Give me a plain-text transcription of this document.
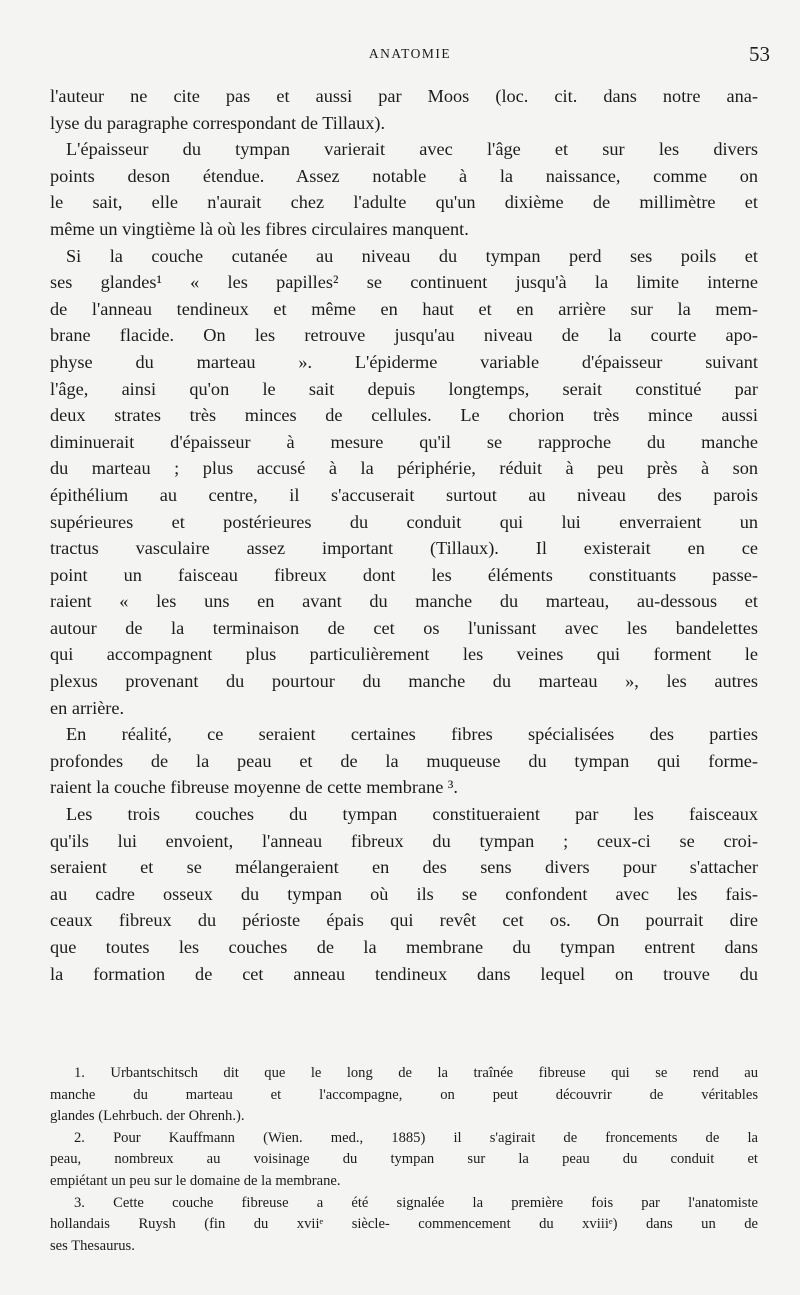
ANATOMIE	53
l'auteur ne cite pas et aussi par Moos (loc. cit. dans notre ana-
lyse du paragraphe correspondant de Tillaux).
L'épaisseur du tympan varierait avec l'âge et sur les divers
points deson étendue. Assez notable à la naissance, comme on
le sait, elle n'aurait chez l'adulte qu'un dixième de millimètre et
même un vingtième là où les fibres circulaires manquent.
Si la couche cutanée au niveau du tympan perd ses poils et
ses glandes¹ « les papilles² se continuent jusqu'à la limite interne
de l'anneau tendineux et même en haut et en arrière sur la mem-
brane flacide. On les retrouve jusqu'au niveau de la courte apo-
physe du marteau ». L'épiderme variable d'épaisseur suivant
l'âge, ainsi qu'on le sait depuis longtemps, serait constitué par
deux strates très minces de cellules. Le chorion très mince aussi
diminuerait d'épaisseur à mesure qu'il se rapproche du manche
du marteau ; plus accusé à la périphérie, réduit à peu près à son
épithélium au centre, il s'accuserait surtout au niveau des parois
supérieures et postérieures du conduit qui lui enverraient un
tractus vasculaire assez important (Tillaux). Il existerait en ce
point un faisceau fibreux dont les éléments constituants passe-
raient « les uns en avant du manche du marteau, au-dessous et
autour de la terminaison de cet os l'unissant avec les bandelettes
qui accompagnent plus particulièrement les veines qui forment le
plexus provenant du pourtour du manche du marteau », les autres
en arrière.
En réalité, ce seraient certaines fibres spécialisées des parties
profondes de la peau et de la muqueuse du tympan qui forme-
raient la couche fibreuse moyenne de cette membrane ³.
Les trois couches du tympan constitueraient par les faisceaux
qu'ils lui envoient, l'anneau fibreux du tympan ; ceux-ci se croi-
seraient et se mélangeraient en des sens divers pour s'attacher
au cadre osseux du tympan où ils se confondent avec les fais-
ceaux fibreux du périoste épais qui revêt cet os. On pourrait dire
que toutes les couches de la membrane du tympan entrent dans
la formation de cet anneau tendineux dans lequel on trouve du
1. Urbantschitsch dit que le long de la traînée fibreuse qui se rend au
manche du marteau et l'accompagne, on peut découvrir de véritables
glandes (Lehrbuch. der Ohrenh.).
2. Pour Kauffmann (Wien. med., 1885) il s'agirait de froncements de la
peau, nombreux au voisinage du tympan sur la peau du conduit et
empiétant un peu sur le domaine de la membrane.
3. Cette couche fibreuse a été signalée la première fois par l'anatomiste
hollandais Ruysh (fin du xviiᵉ siècle- commencement du xviiiᵉ) dans un de
ses Thesaurus.
